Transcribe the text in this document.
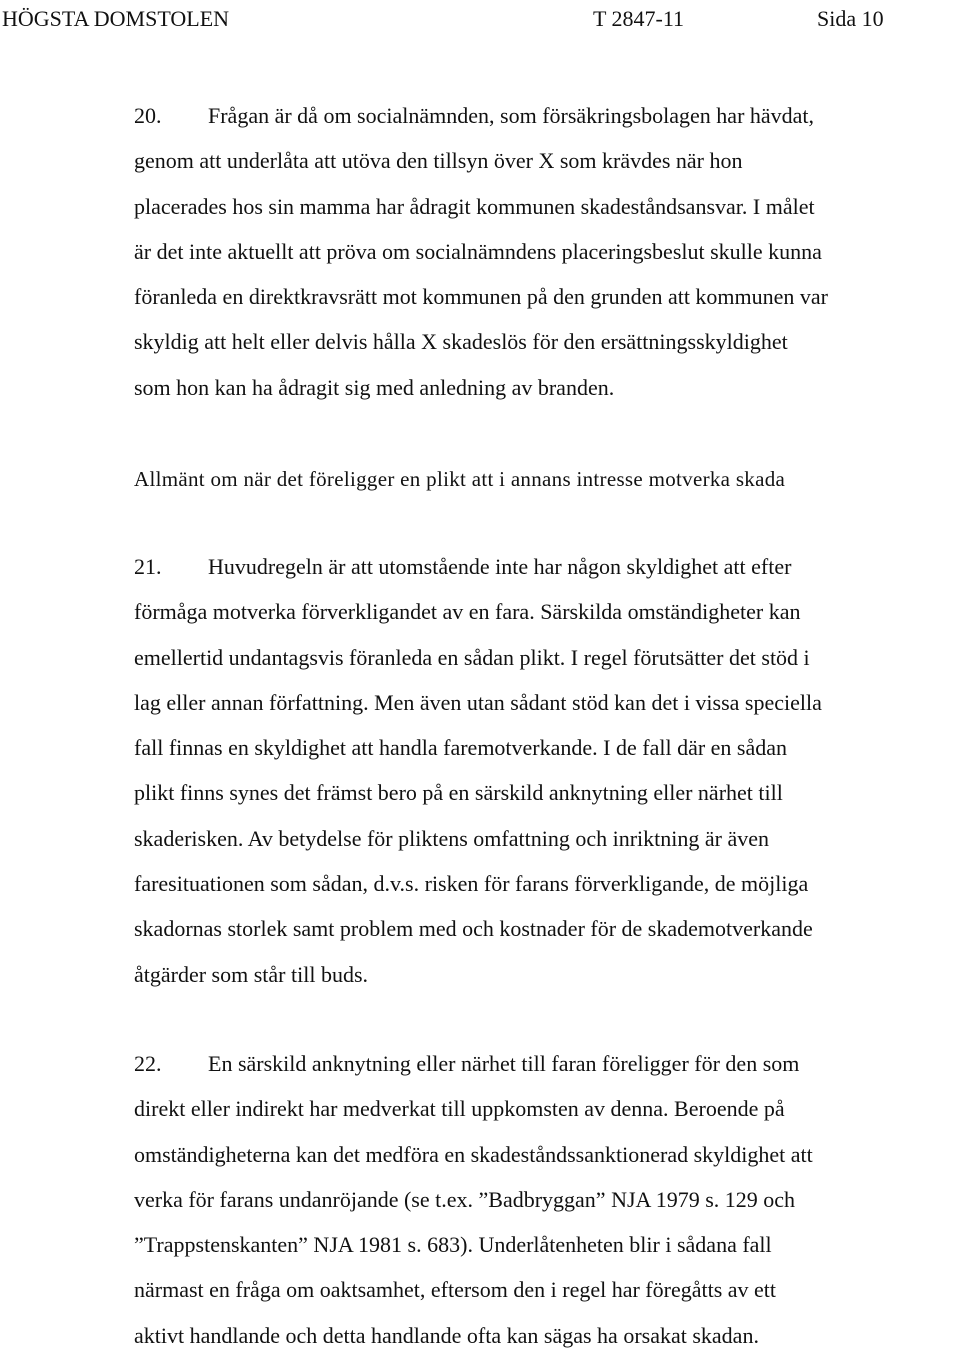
HÖGSTA DOMSTOLEN	T 2847-11	Sida 10
20. Frågan är då om socialnämnden, som försäkringsbolagen har hävdat,
genom att underlåta att utöva den tillsyn över X som krävdes när hon
placerades hos sin mamma har ådragit kommunen skadeståndsansvar. I målet
är det inte aktuellt att pröva om socialnämndens placeringsbeslut skulle kunna
föranleda en direktkravsrätt mot kommunen på den grunden att kommunen var
skyldig att helt eller delvis hålla X skadeslös för den ersättningsskyldighet
som hon kan ha ådragit sig med anledning av branden.
Allmänt om när det föreligger en plikt att i annans intresse motverka skada
21. Huvudregeln är att utomstående inte har någon skyldighet att efter
förmåga motverka förverkligandet av en fara. Särskilda omständigheter kan
emellertid undantagsvis föranleda en sådan plikt. I regel förutsätter det stöd i
lag eller annan författning. Men även utan sådant stöd kan det i vissa speciella
fall finnas en skyldighet att handla faremotverkande. I de fall där en sådan
plikt finns synes det främst bero på en särskild anknytning eller närhet till
skaderisken. Av betydelse för pliktens omfattning och inriktning är även
faresituationen som sådan, d.v.s. risken för farans förverkligande, de möjliga
skadornas storlek samt problem med och kostnader för de skademotverkande
åtgärder som står till buds.
22. En särskild anknytning eller närhet till faran föreligger för den som
direkt eller indirekt har medverkat till uppkomsten av denna. Beroende på
omständigheterna kan det medföra en skadeståndssanktionerad skyldighet att
verka för farans undanröjande (se t.ex. ”Badbryggan” NJA 1979 s. 129 och
”Trappstenskanten” NJA 1981 s. 683). Underlåtenheten blir i sådana fall
närmast en fråga om oaktsamhet, eftersom den i regel har föregåtts av ett
aktivt handlande och detta handlande ofta kan sägas ha orsakat skadan.
